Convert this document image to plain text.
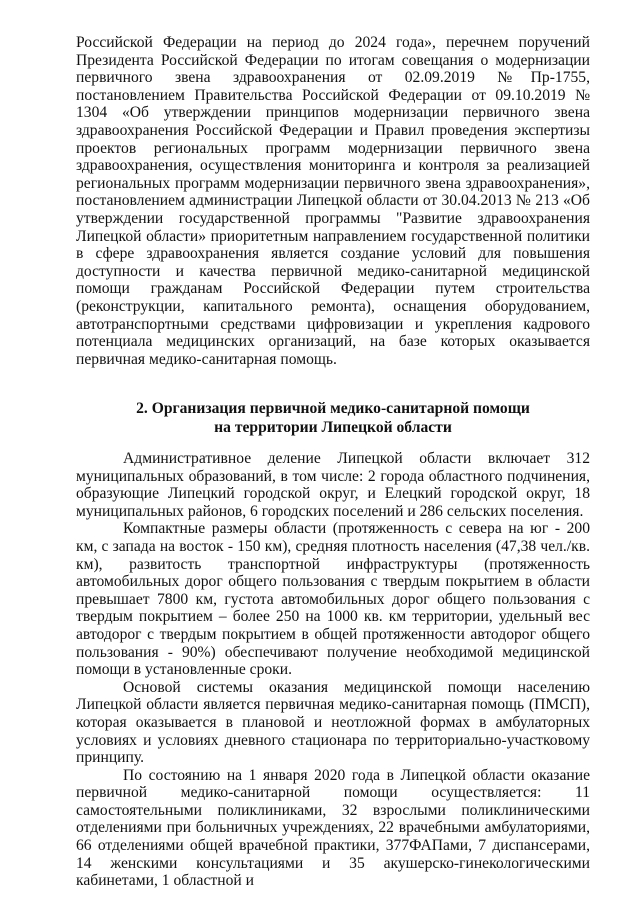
Российской Федерации на период до 2024 года», перечнем поручений Президента Российской Федерации по итогам совещания о модернизации первичного звена здравоохранения от 02.09.2019 №Пр-1755, постановлением Правительства Российской Федерации от 09.10.2019 № 1304 «Об утверждении принципов модернизации первичного звена здравоохранения Российской Федерации и Правил проведения экспертизы проектов региональных программ модернизации первичного звена здравоохранения, осуществления мониторинга и контроля за реализацией региональных программ модернизации первичного звена здравоохранения», постановлением администрации Липецкой области от 30.04.2013 № 213 «Об утверждении государственной программы "Развитие здравоохранения Липецкой области» приоритетным направлением государственной политики в сфере здравоохранения является создание условий для повышения доступности и качества первичной медико-санитарной медицинской помощи гражданам Российской Федерации путем строительства (реконструкции, капитального ремонта), оснащения оборудованием, автотранспортными средствами цифровизации и укрепления кадрового потенциала медицинских организаций, на базе которых оказывается первичная медико-санитарная помощь.

2. Организация первичной медико-санитарной помощи
на территории Липецкой области

Административное деление Липецкой области включает 312 муниципальных образований, в том числе: 2 города областного подчинения, образующие Липецкий городской округ, и Елецкий городской округ, 18 муниципальных районов, 6 городских поселений и 286 сельских поселения.

Компактные размеры области (протяженность с севера на юг - 200 км, с запада на восток - 150 км), средняя плотность населения (47,38 чел./кв. км), развитость транспортной инфраструктуры (протяженность автомобильных дорог общего пользования с твердым покрытием в области превышает 7800 км, густота автомобильных дорог общего пользования с твердым покрытием – более 250 на 1000 кв. км территории, удельный вес автодорог с твердым покрытием в общей протяженности автодорог общего пользования - 90%) обеспечивают получение необходимой медицинской помощи в установленные сроки.

Основой системы оказания медицинской помощи населению Липецкой области является первичная медико-санитарная помощь (ПМСП), которая оказывается в плановой и неотложной формах в амбулаторных условиях и условиях дневного стационара по территориально-участковому принципу.

По состоянию на 1 января 2020 года в Липецкой области оказание первичной медико-санитарной помощи осуществляется: 11 самостоятельными поликлиниками, 32 взрослыми поликлиническими отделениями при больничных учреждениях, 22 врачебными амбулаториями, 66 отделениями общей врачебной практики, 377ФАПами, 7 диспансерами, 14 женскими консультациями и 35 акушерско-гинекологическими кабинетами, 1 областной и
